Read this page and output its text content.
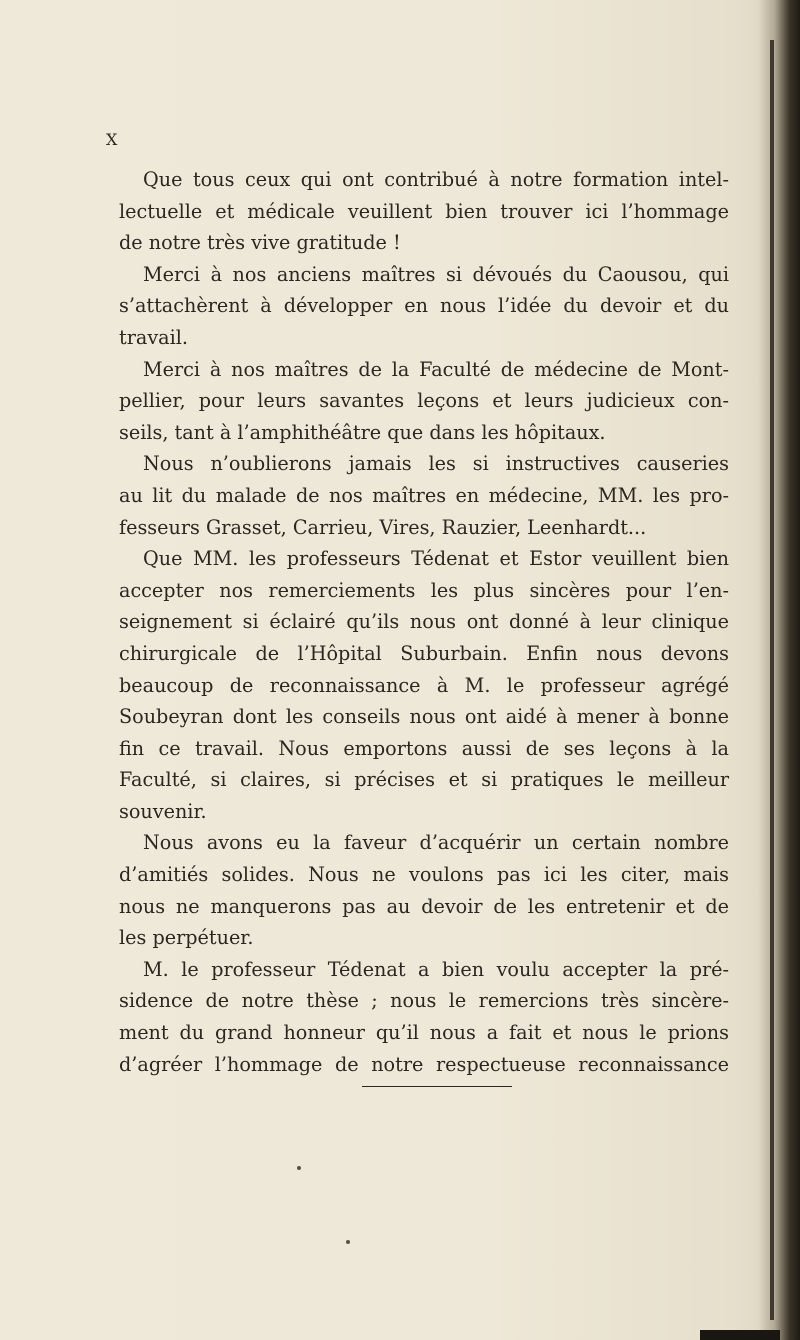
X
Que tous ceux qui ont contribué à notre formation intel-
lectuelle et médicale veuillent bien trouver ici l’hommage
de notre très vive gratitude !
Merci à nos anciens maîtres si dévoués du Caousou, qui
s’attachèrent à développer en nous l’idée du devoir et du
travail.
Merci à nos maîtres de la Faculté de médecine de Mont-
pellier, pour leurs savantes leçons et leurs judicieux con-
seils, tant à l’amphithéâtre que dans les hôpitaux.
Nous n’oublierons jamais les si instructives causeries
au lit du malade de nos maîtres en médecine, MM. les pro-
fesseurs Grasset, Carrieu, Vires, Rauzier, Leenhardt...
Que MM. les professeurs Tédenat et Estor veuillent bien
accepter nos remerciements les plus sincères pour l’en-
seignement si éclairé qu’ils nous ont donné à leur clinique
chirurgicale de l’Hôpital Suburbain. Enfin nous devons
beaucoup de reconnaissance à M. le professeur agrégé
Soubeyran dont les conseils nous ont aidé à mener à bonne
fin ce travail. Nous emportons aussi de ses leçons à la
Faculté, si claires, si précises et si pratiques le meilleur
souvenir.
Nous avons eu la faveur d’acquérir un certain nombre
d’amitiés solides. Nous ne voulons pas ici les citer, mais
nous ne manquerons pas au devoir de les entretenir et de
les perpétuer.
M. le professeur Tédenat a bien voulu accepter la pré-
sidence de notre thèse ; nous le remercions très sincère-
ment du grand honneur qu’il nous a fait et nous le prions
d’agréer l’hommage de notre respectueuse reconnaissance
